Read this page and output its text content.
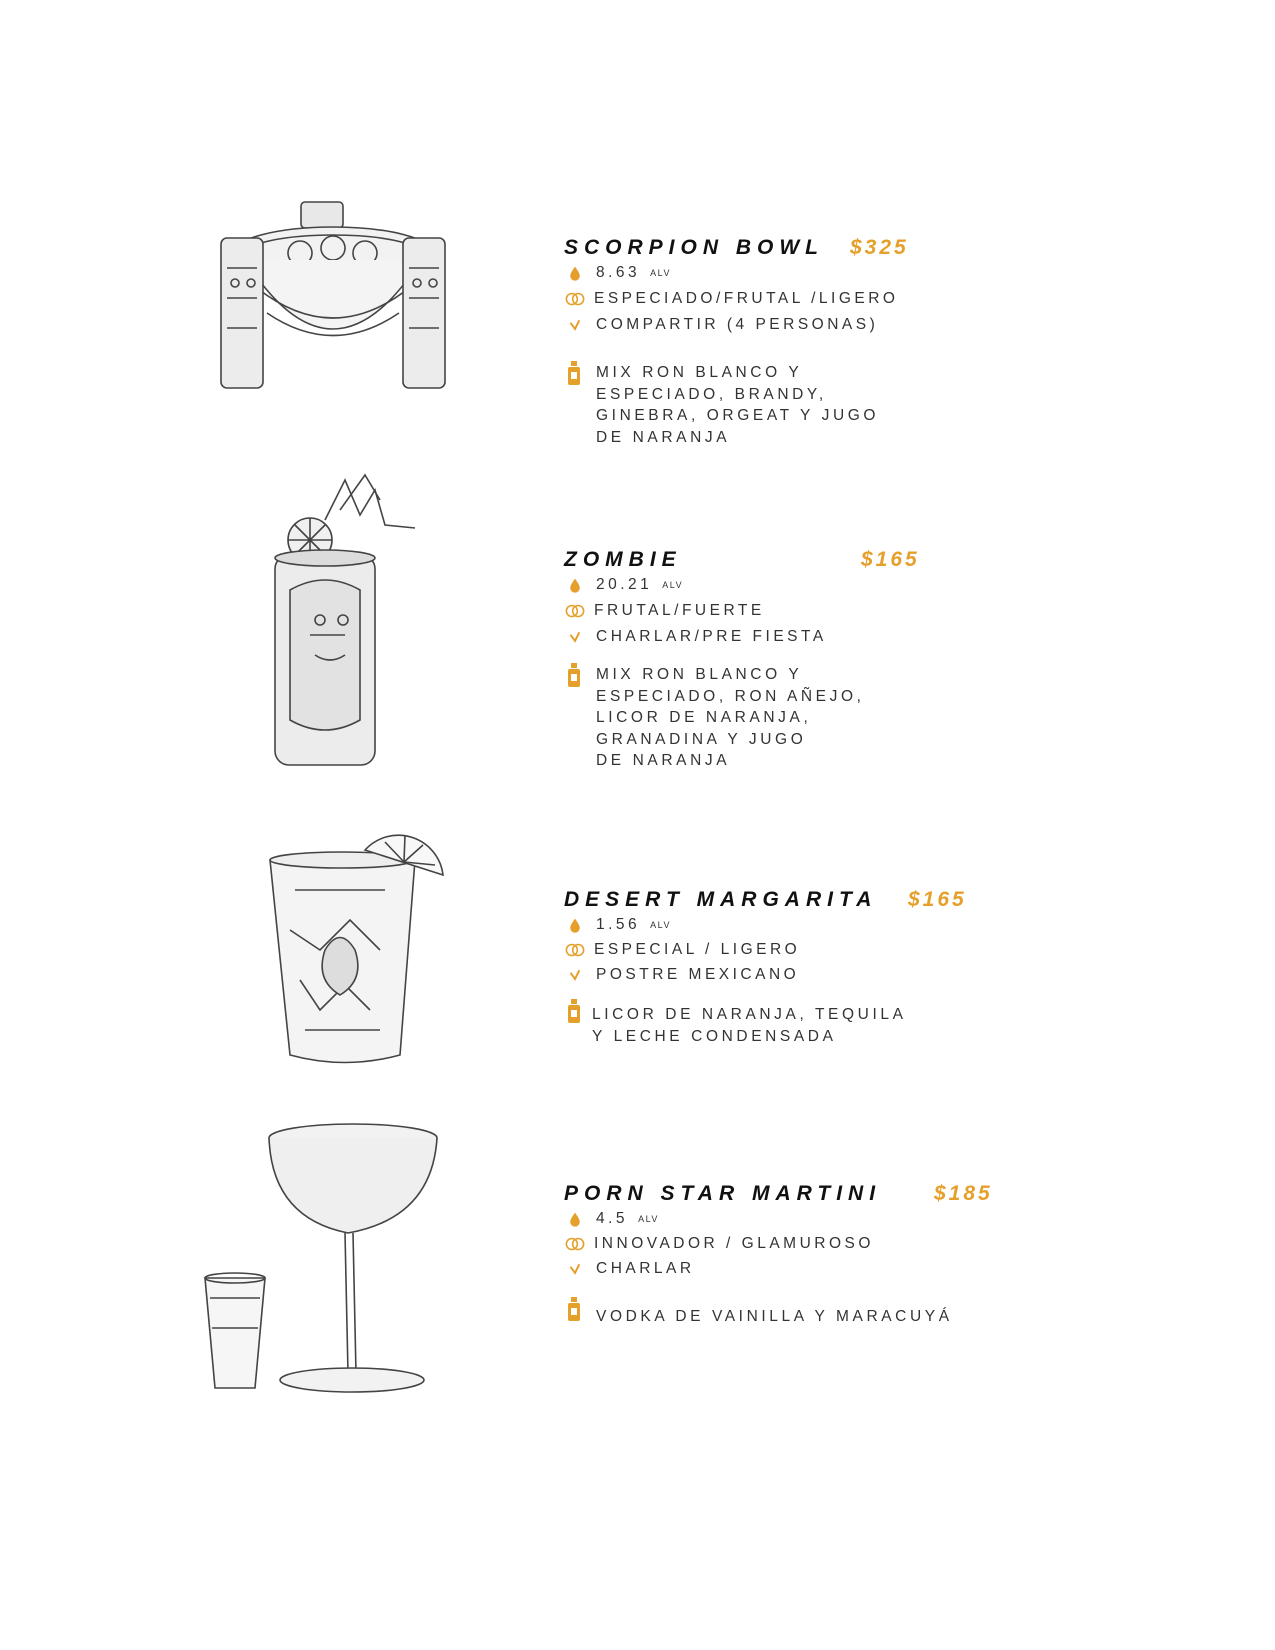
SCORPION BOWL $325
8.63 ALV
ESPECIADO/FRUTAL /LIGERO
COMPARTIR (4 PERSONAS)
MIX RON BLANCO Y
ESPECIADO, BRANDY,
GINEBRA, ORGEAT Y JUGO
DE NARANJA
ZOMBIE	$165
20.21 ALV
FRUTAL/FUERTE
CHARLAR/PRE FIESTA
MIX RON BLANCO Y
ESPECIADO, RON AÑEJO,
LICOR DE NARANJA,
GRANADINA Y JUGO
DE NARANJA
DESERT MARGARITA $165
1.56 ALV
ESPECIAL / LIGERO
POSTRE MEXICANO
LICOR DE NARANJA, TEQUILA
Y LECHE CONDENSADA
PORN STAR MARTINI	$185
4.5 ALV
INNOVADOR / GLAMUROSO
CHARLAR
VODKA DE VAINILLA Y MARACUYÁ
